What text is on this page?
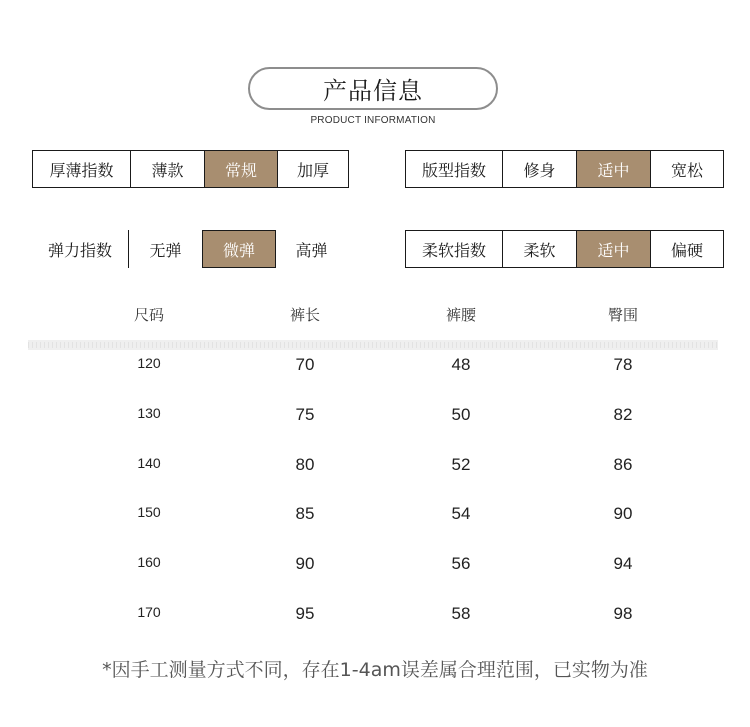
产品信息
PRODUCT INFORMATION
厚薄指数	薄款	常规	加厚	版型指数	修身	适中	宽松
弹力指数	无弹	微弹	高弹	柔软指数	柔软	适中	偏硬
尺码	裤长	裤腰	臀围
120	70	48	78
130	75	50	82
140	80	52	86
150	85	54	90
160	90	56	94
170	95	58	98
*因手工测量方式不同，存在1-4am误差属合理范围，已实物为准
